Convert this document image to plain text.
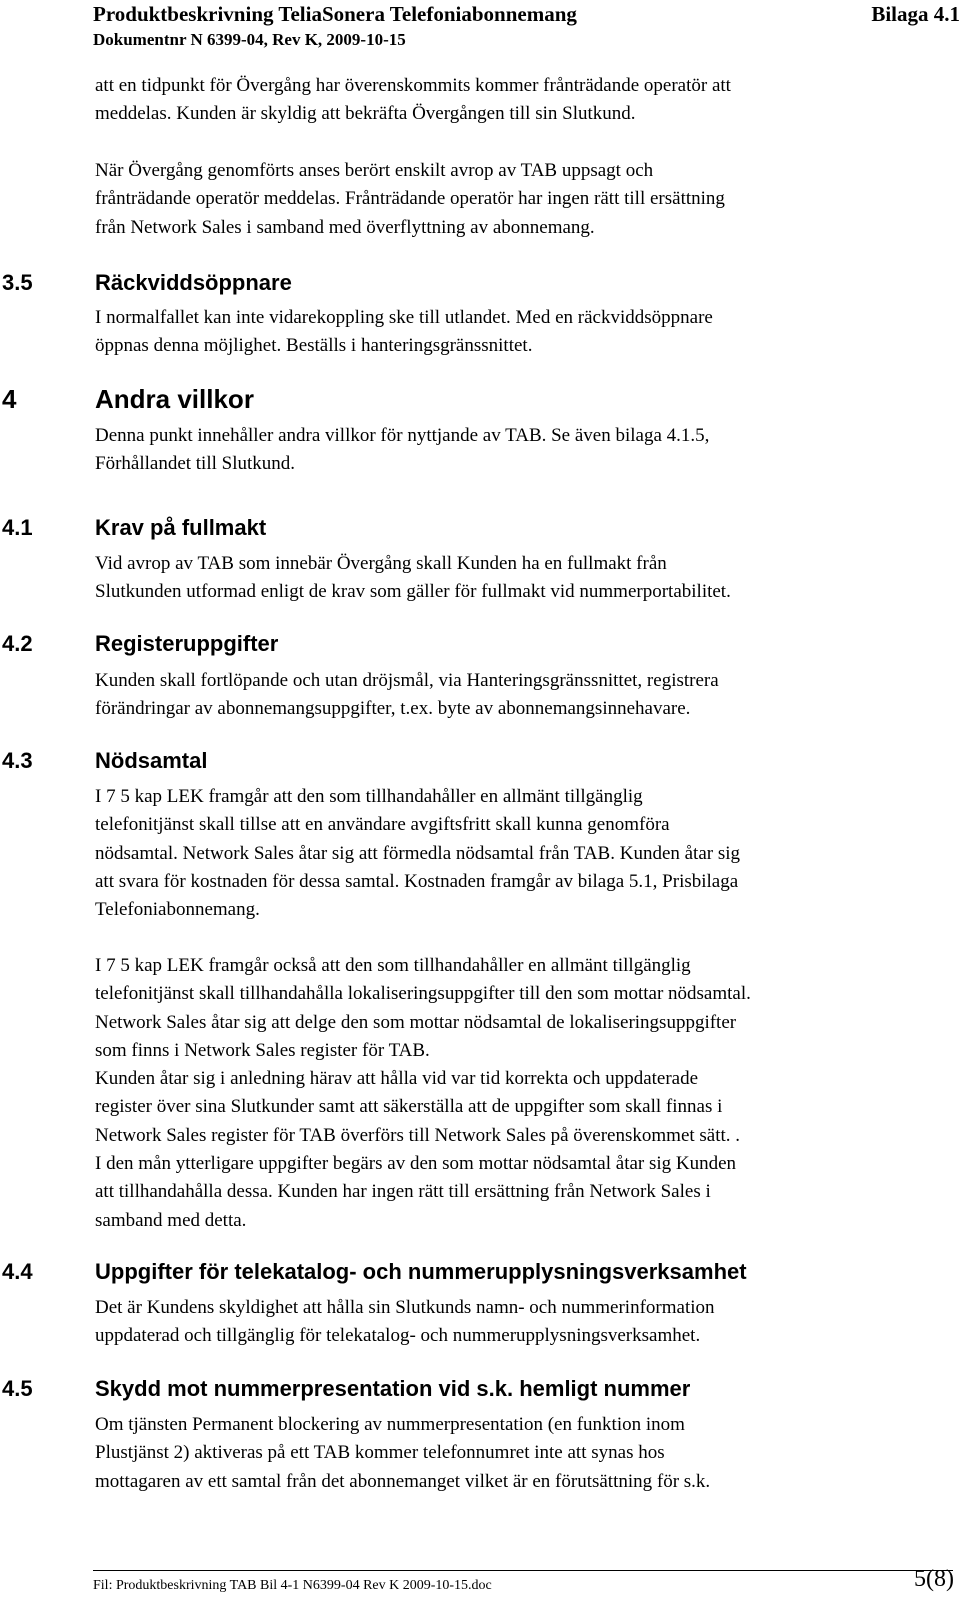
Produktbeskrivning TeliaSonera Telefoniabonnemang	Bilaga 4.1
Dokumentnr N 6399-04, Rev K, 2009-10-15
att en tidpunkt för Övergång har överenskommits kommer frånträdande operatör att
meddelas. Kunden är skyldig att bekräfta Övergången till sin Slutkund.
När Övergång genomförts anses berört enskilt avrop av TAB uppsagt och
frånträdande operatör meddelas. Frånträdande operatör har ingen rätt till ersättning
från Network Sales i samband med överflyttning av abonnemang.
3.5	Räckviddsöppnare
I normalfallet kan inte vidarekoppling ske till utlandet. Med en räckviddsöppnare
öppnas denna möjlighet. Beställs i hanteringsgränssnittet.
4	Andra villkor
Denna punkt innehåller andra villkor för nyttjande av TAB. Se även bilaga 4.1.5,
Förhållandet till Slutkund.
4.1	Krav på fullmakt
Vid avrop av TAB som innebär Övergång skall Kunden ha en fullmakt från
Slutkunden utformad enligt de krav som gäller för fullmakt vid nummerportabilitet.
4.2	Registeruppgifter
Kunden skall fortlöpande och utan dröjsmål, via Hanteringsgränssnittet, registrera
förändringar av abonnemangsuppgifter, t.ex. byte av abonnemangsinnehavare.
4.3	Nödsamtal
I 7 5 kap LEK framgår att den som tillhandahåller en allmänt tillgänglig
telefonitjänst skall tillse att en användare avgiftsfritt skall kunna genomföra
nödsamtal. Network Sales åtar sig att förmedla nödsamtal från TAB. Kunden åtar sig
att svara för kostnaden för dessa samtal. Kostnaden framgår av bilaga 5.1, Prisbilaga
Telefoniabonnemang.
I 7 5 kap LEK framgår också att den som tillhandahåller en allmänt tillgänglig
telefonitjänst skall tillhandahålla lokaliseringsuppgifter till den som mottar nödsamtal.
Network Sales åtar sig att delge den som mottar nödsamtal de lokaliseringsuppgifter
som finns i Network Sales register för TAB.
Kunden åtar sig i anledning härav att hålla vid var tid korrekta och uppdaterade
register över sina Slutkunder samt att säkerställa att de uppgifter som skall finnas i
Network Sales register för TAB överförs till Network Sales på överenskommet sätt. .
I den mån ytterligare uppgifter begärs av den som mottar nödsamtal åtar sig Kunden
att tillhandahålla dessa. Kunden har ingen rätt till ersättning från Network Sales i
samband med detta.
4.4	Uppgifter för telekatalog- och nummerupplysningsverksamhet
Det är Kundens skyldighet att hålla sin Slutkunds namn- och nummerinformation
uppdaterad och tillgänglig för telekatalog- och nummerupplysningsverksamhet.
4.5	Skydd mot nummerpresentation vid s.k. hemligt nummer
Om tjänsten Permanent blockering av nummerpresentation (en funktion inom
Plustjänst 2) aktiveras på ett TAB kommer telefonnumret inte att synas hos
mottagaren av ett samtal från det abonnemanget vilket är en förutsättning för s.k.
Fil: Produktbeskrivning TAB Bil 4-1 N6399-04 Rev K 2009-10-15.doc	5(8)
